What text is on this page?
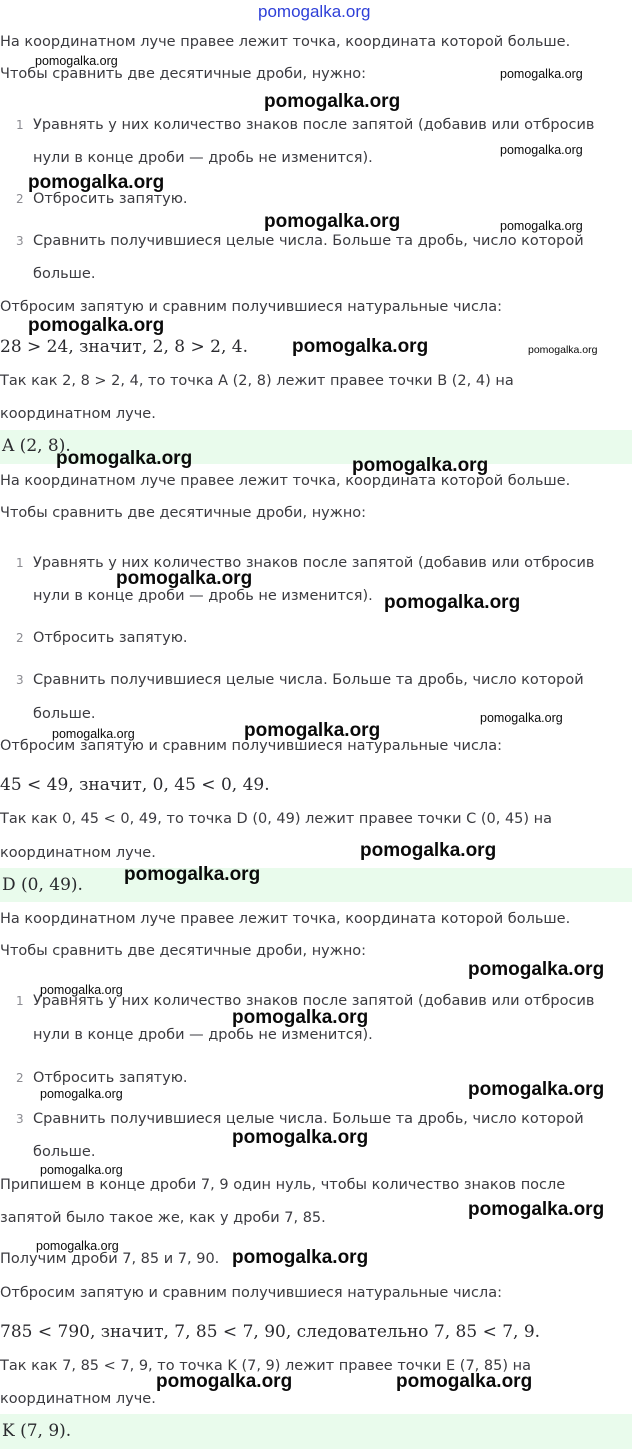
На координатном луче правее лежит точка, координата которой больше.
Чтобы сравнить две десятичные дроби, нужно:
1 Уравнять у них количество знаков после запятой (добавив или отбросив
нули в конце дроби — дробь не изменится).
2 Отбросить запятую.
3 Сравнить получившиеся целые числа. Больше та дробь, число которой
больше.
Отбросим запятую и сравним получившиеся натуральные числа:
28 > 24, значит, 2, 8 > 2, 4.
Так как 2, 8 > 2, 4, то точка A (2, 8) лежит правее точки B (2, 4) на
координатном луче.
A (2, 8).
На координатном луче правее лежит точка, координата которой больше.
Чтобы сравнить две десятичные дроби, нужно:
1 Уравнять у них количество знаков после запятой (добавив или отбросив
нули в конце дроби — дробь не изменится).
2 Отбросить запятую.
3 Сравнить получившиеся целые числа. Больше та дробь, число которой
больше.
Отбросим запятую и сравним получившиеся натуральные числа:
45 < 49, значит, 0, 45 < 0, 49.
Так как 0, 45 < 0, 49, то точка D (0, 49) лежит правее точки C (0, 45) на
координатном луче.
D (0, 49).
На координатном луче правее лежит точка, координата которой больше.
Чтобы сравнить две десятичные дроби, нужно:
1 Уравнять у них количество знаков после запятой (добавив или отбросив
нули в конце дроби — дробь не изменится).
2 Отбросить запятую.
3 Сравнить получившиеся целые числа. Больше та дробь, число которой
больше.
Припишем в конце дроби 7, 9 один нуль, чтобы количество знаков после
запятой было такое же, как у дроби 7, 85.
Получим дроби 7, 85 и 7, 90.
Отбросим запятую и сравним получившиеся натуральные числа:
785 < 790, значит, 7, 85 < 7, 90, следовательно 7, 85 < 7, 9.
Так как 7, 85 < 7, 9, то точка K (7, 9) лежит правее точки E (7, 85) на
координатном луче.
K (7, 9).
pomogalka.org
pomogalka.org
pomogalka.org
pomogalka.org
pomogalka.org
pomogalka.org
pomogalka.org	pomogalka.org
pomogalka.org
pomogalka.org	pomogalka.org
pomogalka.org	pomogalka.org
pomogalka.org
pomogalka.org
pomogalka.org
pomogalka.org
pomogalka.org
pomogalka.org
pomogalka.org
pomogalka.org
pomogalka.org
pomogalka.org
pomogalka.org
pomogalka.org
pomogalka.org
pomogalka.org
pomogalka.org
pomogalka.org
pomogalka.org
pomogalka.org	pomogalka.org
